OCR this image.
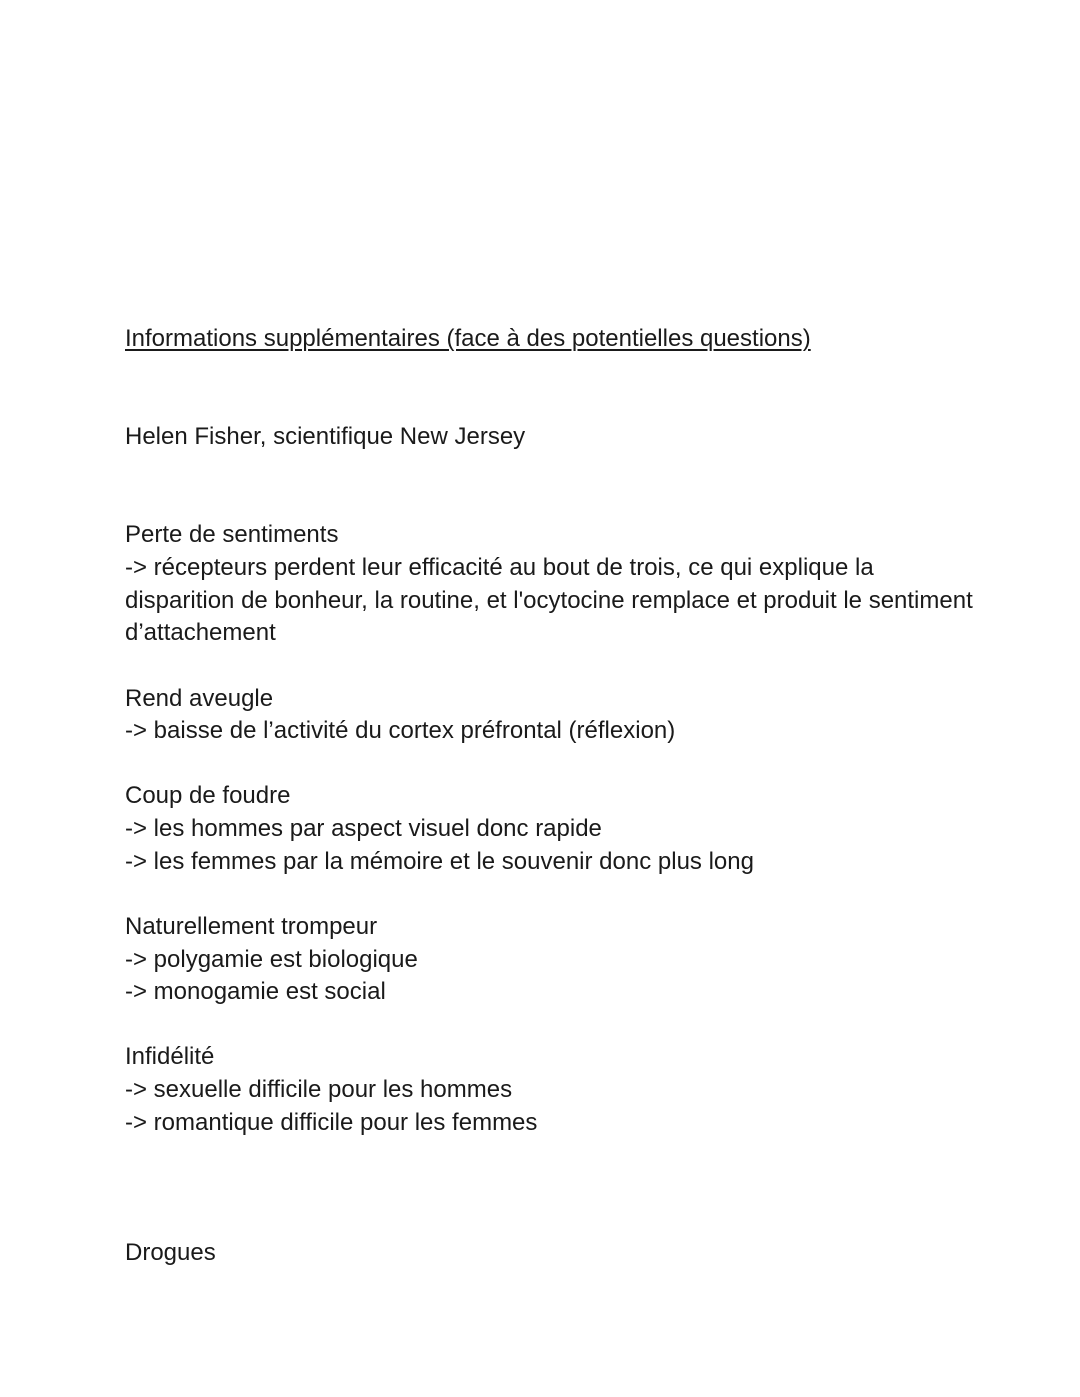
Informations supplémentaires (face à des potentielles questions)

Helen Fisher, scientifique New Jersey

Perte de sentiments

-> récepteurs perdent leur efficacité au bout de trois, ce qui explique la

disparition de bonheur, la routine, et l'ocytocine remplace et produit le sentiment

d’attachement

Rend aveugle

-> baisse de l’activité du cortex préfrontal (réflexion)

Coup de foudre

-> les hommes par aspect visuel donc rapide

-> les femmes par la mémoire et le souvenir donc plus long

Naturellement trompeur

-> polygamie est biologique

-> monogamie est social

Infidélité

-> sexuelle difficile pour les hommes

-> romantique difficile pour les femmes

Drogues
